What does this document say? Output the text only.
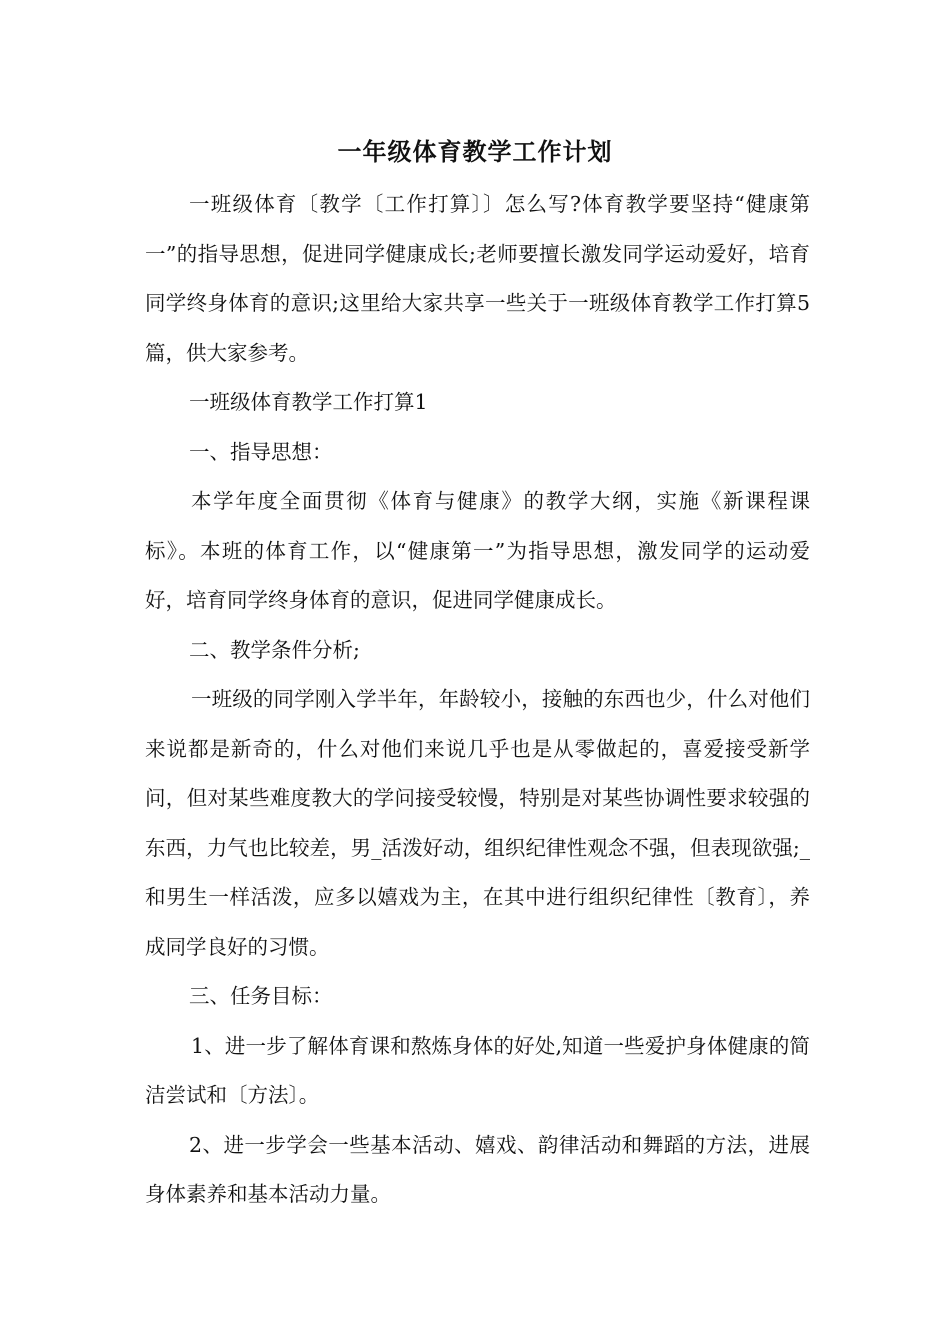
一年级体育教学工作计划

一班级体育〔教学〔工作打算〕〕怎么写?体育教学要坚持“健康第一”的指导思想，促进同学健康成长;老师要擅长激发同学运动爱好，培育同学终身体育的意识;这里给大家共享一些关于一班级体育教学工作打算5篇，供大家参考。

一班级体育教学工作打算1

一、指导思想：

本学年度全面贯彻《体育与健康》的教学大纲，实施《新课程课标》。本班的体育工作，以“健康第一”为指导思想，激发同学的运动爱好，培育同学终身体育的意识，促进同学健康成长。

二、教学条件分析;

一班级的同学刚入学半年，年龄较小，接触的东西也少，什么对他们来说都是新奇的，什么对他们来说几乎也是从零做起的，喜爱接受新学问，但对某些难度教大的学问接受较慢，特别是对某些协调性要求较强的东西，力气也比较差，男_活泼好动，组织纪律性观念不强，但表现欲强;_和男生一样活泼，应多以嬉戏为主，在其中进行组织纪律性〔教育〕，养成同学良好的习惯。

三、任务目标：

1、进一步了解体育课和熬炼身体的好处,知道一些爱护身体健康的简洁尝试和〔方法〕。

2、进一步学会一些基本活动、嬉戏、韵律活动和舞蹈的方法，进展身体素养和基本活动力量。
